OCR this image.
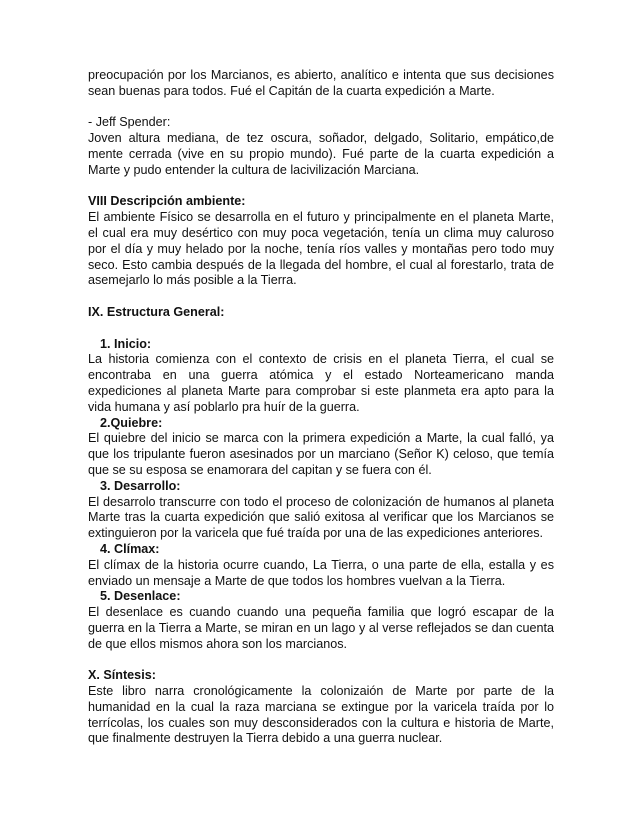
preocupación por los Marcianos, es abierto, analítico e intenta que sus decisiones sean buenas para todos. Fué el Capitán de la cuarta expedición a Marte.

- Jeff Spender:

Joven altura mediana, de tez oscura, soñador, delgado, Solitario, empático,de mente cerrada (vive en su propio mundo). Fué parte de la cuarta expedición a Marte y pudo entender la cultura de lacivilización Marciana.

VIII Descripción ambiente:

El ambiente Físico se desarrolla en el futuro y principalmente en el planeta Marte, el cual era muy desértico con muy poca vegetación, tenía un clima muy caluroso por el día y muy helado por la noche, tenía ríos valles y montañas pero todo muy seco. Esto cambia después de la llegada del hombre, el cual al forestarlo, trata de asemejarlo lo más posible a la Tierra.

IX. Estructura General:

1. Inicio:

La historia comienza con el contexto de crisis en el planeta Tierra, el cual se encontraba en una guerra atómica y el estado Norteamericano manda expediciones al planeta Marte para comprobar si este planmeta era apto para la vida humana y así poblarlo pra huír de la guerra.

2.Quiebre:

El quiebre del inicio se marca con la primera expedición a Marte, la cual falló, ya que los tripulante fueron asesinados por un marciano (Señor K) celoso, que temía que se su esposa se enamorara del capitan y se fuera con él.

3. Desarrollo:

El desarrolo transcurre con todo el proceso de colonización de humanos al planeta Marte tras la cuarta expedición que salió exitosa al verificar que los Marcianos se extinguieron por la varicela que fué traída por una de las expediciones anteriores.

4. Clímax:

El clímax de la historia ocurre cuando, La Tierra, o una parte de ella, estalla y es enviado un mensaje a Marte de que todos los hombres vuelvan a la Tierra.

5. Desenlace:

El desenlace es cuando cuando una pequeña familia que logró escapar de la guerra en la Tierra a Marte, se miran en un lago y al verse reflejados se dan cuenta de que ellos mismos ahora son los marcianos.

X. Síntesis:

Este libro narra cronológicamente la colonizaión de Marte por parte de la humanidad en la cual la raza marciana se extingue por la varicela traída por lo terrícolas, los cuales son muy desconsiderados con la cultura e historia de Marte, que finalmente destruyen la Tierra debido a una guerra nuclear.
